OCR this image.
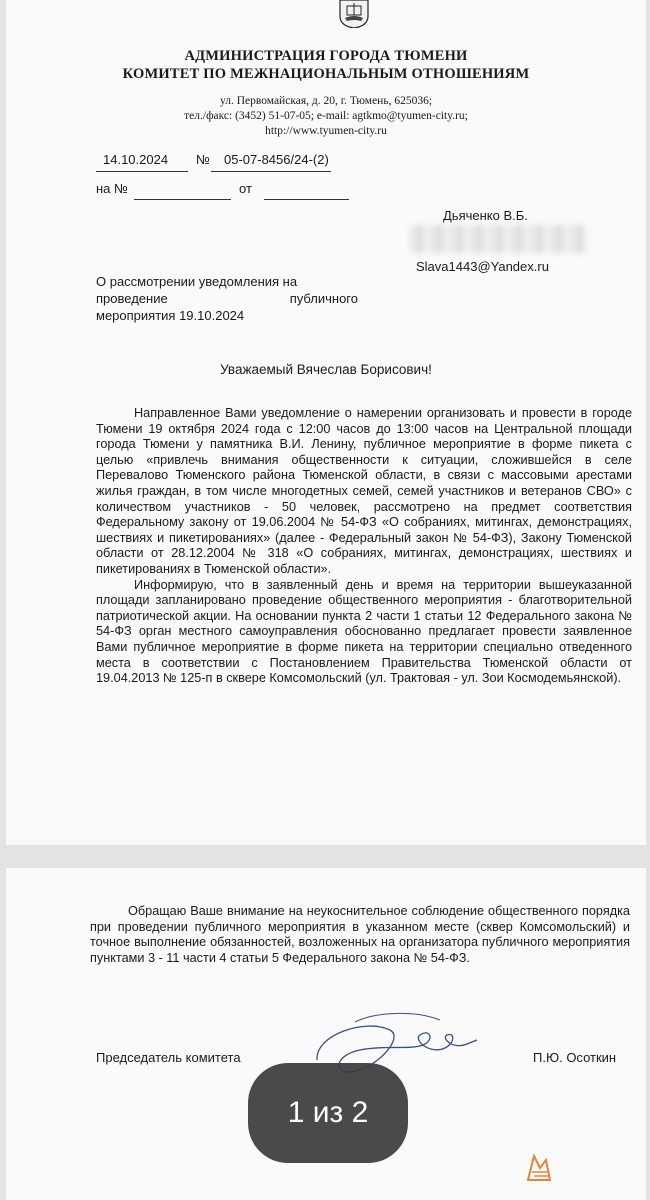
АДМИНИСТРАЦИЯ ГОРОДА ТЮМЕНИ
КОМИТЕТ ПО МЕЖНАЦИОНАЛЬНЫМ ОТНОШЕНИЯМ
ул. Первомайская, д. 20, г. Тюмень, 625036;
тел./факс: (3452) 51-07-05; e-mail: agtkmo@tyumen-city.ru;
http://www.tyumen-city.ru
14.10.2024 № 05-07-8456/24-(2)
на №	от
Дьяченко В.Б.
Slava1443@Yandex.ru
О рассмотрении уведомления на
проведение	публичного
мероприятия 19.10.2024
Уважаемый Вячеслав Борисович!

Направленное Вами уведомление о намерении организовать и провести в городе Тюмени 19 октября 2024 года с 12:00 часов до 13:00 часов на Центральной площади города Тюмени у памятника В.И. Ленину, публичное мероприятие в форме пикета с целью «привлечь внимания общественности к ситуации, сложившейся в селе Перевалово Тюменского района Тюменской области, в связи с массовыми арестами жилья граждан, в том числе многодетных семей, семей участников и ветеранов СВО» с количеством участников - 50 человек, рассмотрено на предмет соответствия Федеральному закону от 19.06.2004 № 54-ФЗ «О собраниях, митингах, демонстрациях, шествиях и пикетированиях» (далее - Федеральный закон № 54-ФЗ), Закону Тюменской области от 28.12.2004 № 318 «О собраниях, митингах, демонстрациях, шествиях и пикетированиях в Тюменской области».

Информирую, что в заявленный день и время на территории вышеуказанной площади запланировано проведение общественного мероприятия - благотворительной патриотической акции. На основании пункта 2 части 1 статьи 12 Федерального закона № 54-ФЗ орган местного самоуправления обоснованно предлагает провести заявленное Вами публичное мероприятие в форме пикета на территории специально отведенного места в соответствии с Постановлением Правительства Тюменской области от 19.04.2013 № 125-п в сквере Комсомольский (ул. Трактовая - ул. Зои Космодемьянской).

Обращаю Ваше внимание на неукоснительное соблюдение общественного порядка при проведении публичного мероприятия в указанном месте (сквер Комсомольский) и точное выполнение обязанностей, возложенных на организатора публичного мероприятия пунктами 3 - 11 части 4 статьи 5 Федерального закона № 54-ФЗ.

Председатель комитета	П.Ю. Осоткин
1 из 2
